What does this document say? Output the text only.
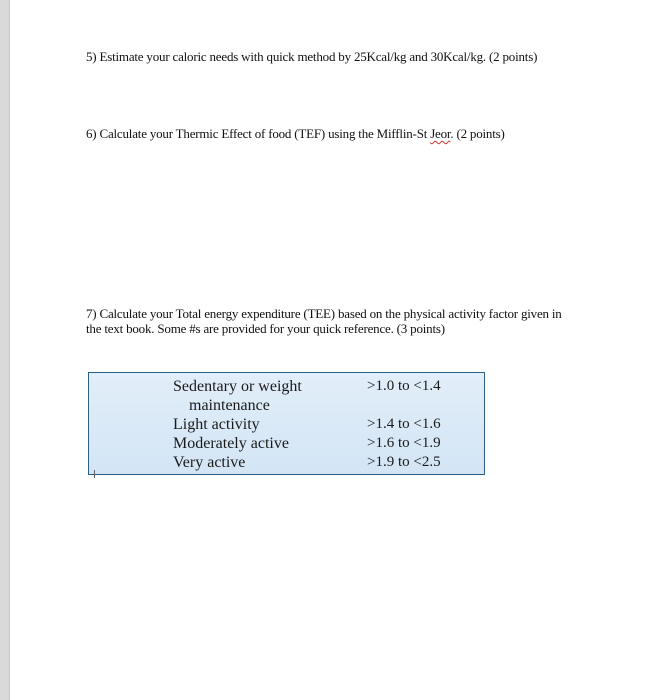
5) Estimate your caloric needs with quick method by 25Kcal/kg and 30Kcal/kg. (2 points)
6) Calculate your Thermic Effect of food (TEF) using the Mifflin-St Jeor. (2 points)
7) Calculate your Total energy expenditure (TEE) based on the physical activity factor given in
the text book. Some #s are provided for your quick reference. (3 points)
Sedentary or weight	>1.0 to <1.4
maintenance
Light activity	>1.4 to <1.6
Moderately active	>1.6 to <1.9
Very active	>1.9 to <2.5
